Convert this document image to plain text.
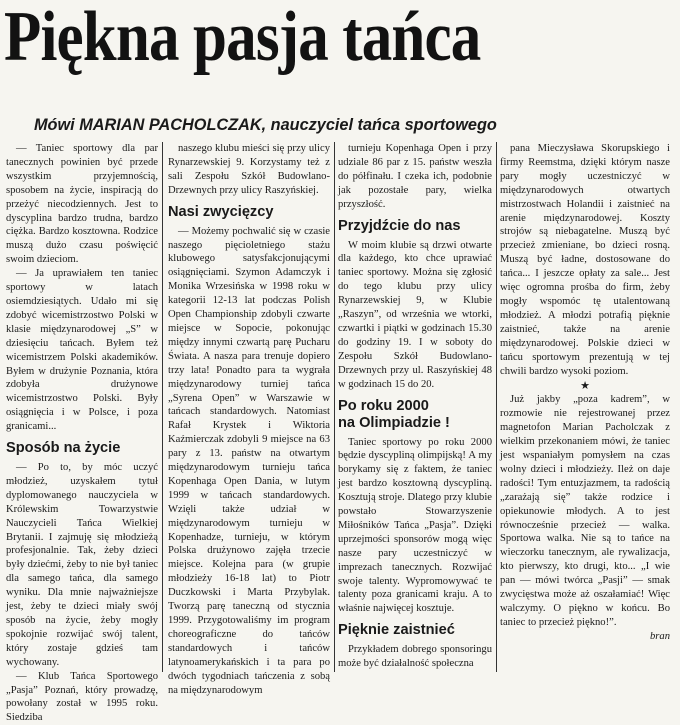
Piękna pasja tańca
Mówi MARIAN PACHOLCZAK, nauczyciel tańca sportowego

— Taniec sportowy dla par tanecznych powinien być przede wszystkim przyjemnością, sposobem na życie, inspiracją do przeżyć niecodziennych. Jest to dyscyplina bardzo trudna, bardzo ciężka. Bardzo kosztowna. Rodzice muszą dużo czasu poświęcić swoim dzieciom.

— Ja uprawiałem ten taniec sportowy w latach osiemdziesiątych. Udało mi się zdobyć wicemistrzostwo Polski w klasie międzynarodowej „S” w dziesięciu tańcach. Byłem też wicemistrzem Polski akademików. Byłem w drużynie Poznania, która zdobyła drużynowe wicemistrzostwo Polski. Były osiągnięcia i w Polsce, i poza granicami...

Sposób na życie

— Po to, by móc uczyć młodzież, uzyskałem tytuł dyplomowanego nauczyciela w Królewskim Towarzystwie Nauczycieli Tańca Wielkiej Brytanii. I zajmuję się młodzieżą profesjonalnie. Tak, żeby dzieci były dziećmi, żeby to nie był taniec dla samego tańca, dla samego wyniku. Dla mnie najważniejsze jest, żeby te dzieci miały swój sposób na życie, żeby mogły spokojnie rozwijać swój talent, który zostaje gdzieś tam wychowany.

— Klub Tańca Sportowego „Pasja” Poznań, który prowadzę, powołany został w 1995 roku. Siedziba

naszego klubu mieści się przy ulicy Rynarzewskiej 9. Korzystamy też z sali Zespołu Szkół Budowlano-Drzewnych przy ulicy Raszyńskiej.

Nasi zwycięzcy

— Możemy pochwalić się w czasie naszego pięcioletniego stażu klubowego satysfakcjonującymi osiągnięciami. Szymon Adamczyk i Monika Wrzesińska w 1998 roku w kategorii 12-13 lat podczas Polish Open Championship zdobyli czwarte miejsce w Sopocie, pokonując między innymi czwartą parę Pucharu Świata. A nasza para trenuje dopiero trzy lata! Ponadto para ta wygrała międzynarodowy turniej tańca „Syrena Open” w Warszawie w tańcach standardowych. Natomiast Rafał Krystek i Wiktoria Kaźmierczak zdobyli 9 miejsce na 63 pary z 13. państw na otwartym międzynarodowym turnieju tańca Kopenhaga Open Dania, w lutym 1999 w tańcach standardowych. Wzięli także udział w międzynarodowym turnieju w Kopenhadze, turnieju, w którym Polska drużynowo zajęła trzecie miejsce. Kolejna para (w grupie młodzieży 16-18 lat) to Piotr Duczkowski i Marta Przybylak. Tworzą parę taneczną od stycznia 1999. Przygotowaliśmy im program choreograficzne do tańców standardowych i tańców latynoamerykańskich i ta para po dwóch tygodniach tańczenia z sobą na międzynarodowym

turnieju Kopenhaga Open i przy udziale 86 par z 15. państw weszła do półfinału. I czeka ich, podobnie jak pozostałe pary, wielka przyszłość.

Przyjdźcie do nas

W moim klubie są drzwi otwarte dla każdego, kto chce uprawiać taniec sportowy. Można się zgłosić do tego klubu przy ulicy Rynarzewskiej 9, w Klubie „Raszyn”, od września we wtorki, czwartki i piątki w godzinach 15.30 do godziny 19. I w soboty do Zespołu Szkół Budowlano-Drzewnych przy ul. Raszyńskiej 48 w godzinach 15 do 20.

Po roku 2000
na Olimpiadzie !

Taniec sportowy po roku 2000 będzie dyscypliną olimpijską! A my borykamy się z faktem, że taniec jest bardzo kosztowną dyscypliną. Kosztują stroje. Dlatego przy klubie powstało Stowarzyszenie Miłośników Tańca „Pasja”. Dzięki uprzejmości sponsorów mogą więc nasze pary uczestniczyć w imprezach tanecznych. Rozwijać swoje talenty. Wypromowywać te talenty poza granicami kraju. A to właśnie najwięcej kosztuje.

Pięknie zaistnieć

Przykładem dobrego sponsoringu może być działalność społeczna

pana Mieczysława Skorupskiego i firmy Reemstma, dzięki którym nasze pary mogły uczestniczyć w międzynarodowych otwartych mistrzostwach Holandii i zaistnieć na arenie międzynarodowej. Koszty strojów są niebagatelne. Muszą być przecież zmieniane, bo dzieci rosną. Muszą być ładne, dostosowane do tańca... I jeszcze opłaty za sale... Jest więc ogromna prośba do firm, żeby mogły wspomóc tę utalentowaną młodzież. A młodzi potrafią pięknie zaistnieć, także na arenie międzynarodowej. Polskie dzieci w tańcu sportowym prezentują w tej chwili bardzo wysoki poziom.

★

Już jakby „poza kadrem”, w rozmowie nie rejestrowanej przez magnetofon Marian Pacholczak z wielkim przekonaniem mówi, że taniec jest wspaniałym pomysłem na czas wolny dzieci i młodzieży. Ileż on daje radości! Tym entuzjazmem, ta radością „zarażają się” także rodzice i opiekunowie młodych. A to jest równocześnie przecież — walka. Sportowa walka. Nie są to tańce na wieczorku tanecznym, ale rywalizacja, kto pierwszy, kto drugi, kto... „I wie pan — mówi twórca „Pasji” — smak zwycięstwa może aż oszałamiać! Więc walczymy. O piękno w końcu. Bo taniec to przecież piękno!”.

bran
